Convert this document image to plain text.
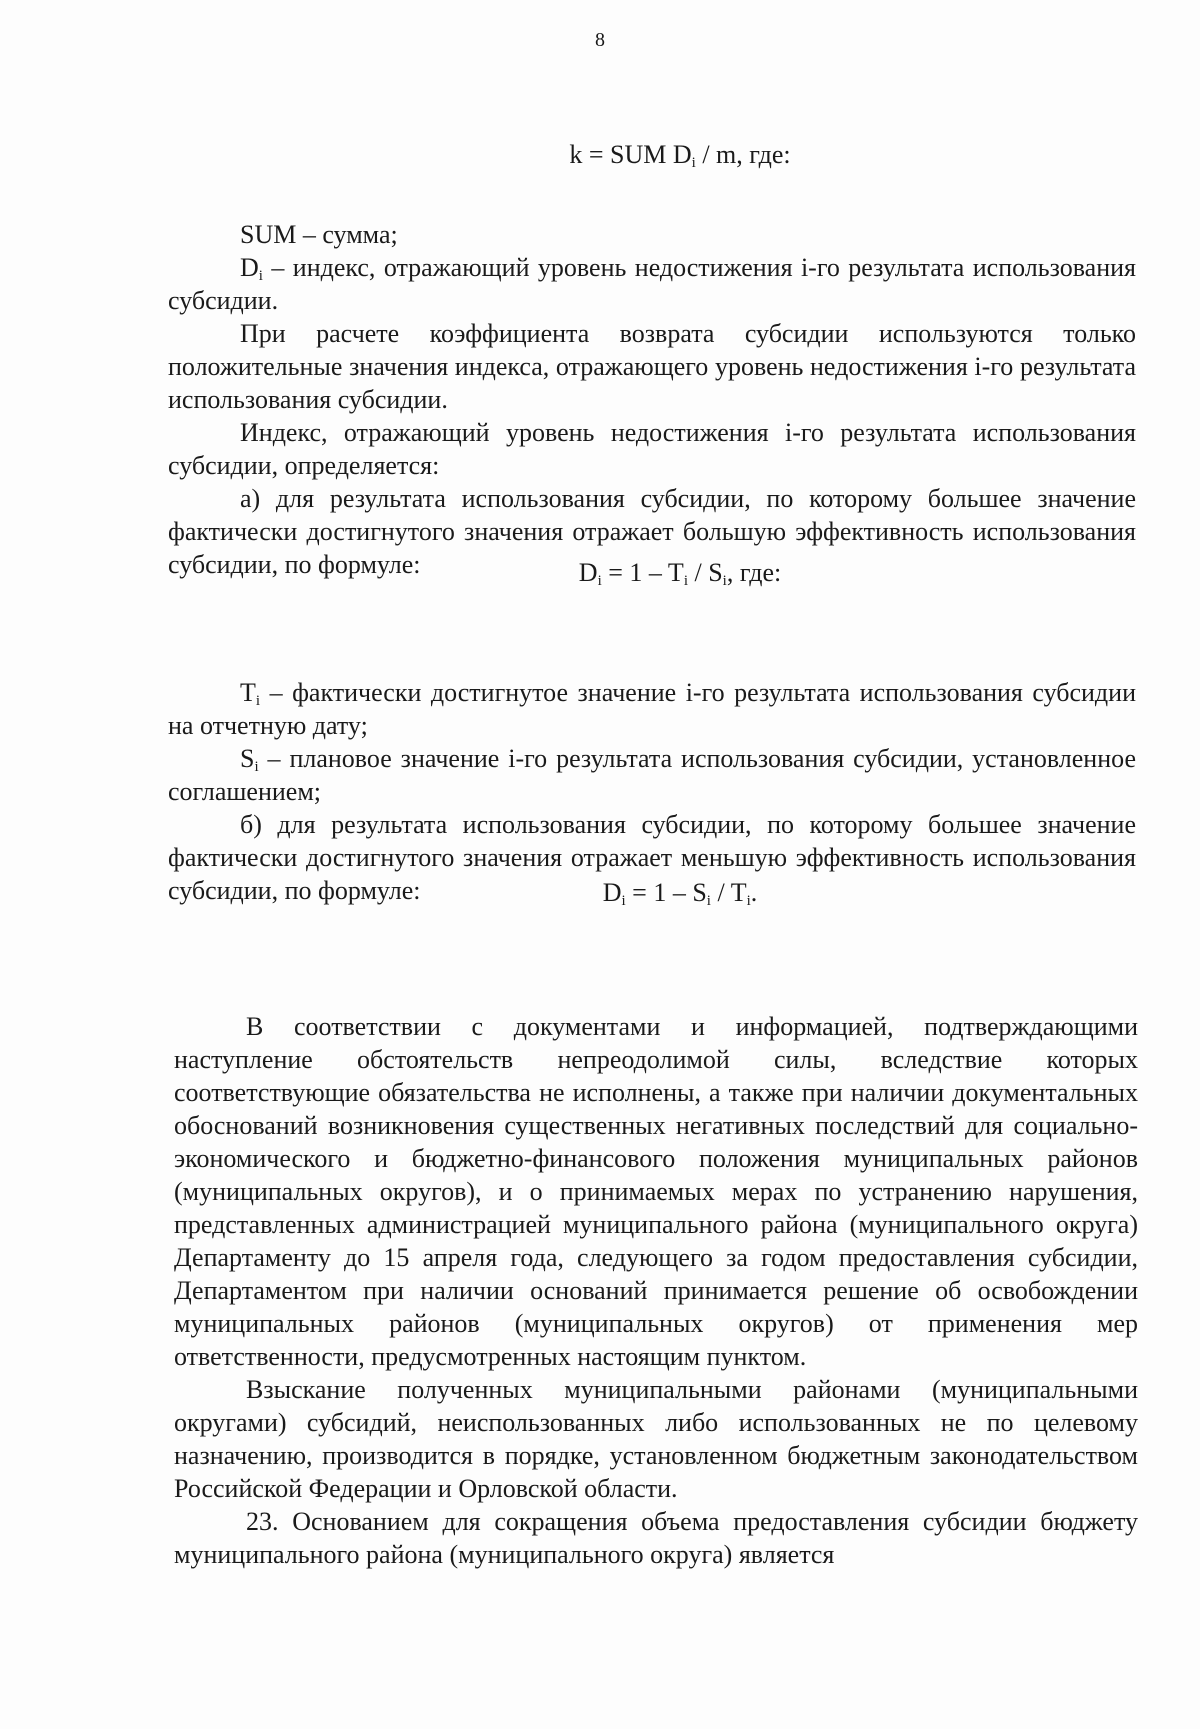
8
k = SUM $D_i$ / m, где:

SUM – сумма;

$D_i$ – индекс, отражающий уровень недостижения i-го результата использования субсидии.

При расчете коэффициента возврата субсидии используются только положительные значения индекса, отражающего уровень недостижения i-го результата использования субсидии.

Индекс, отражающий уровень недостижения i-го результата использования субсидии, определяется:

а) для результата использования субсидии, по которому большее значение фактически достигнутого значения отражает большую эффективность использования субсидии, по формуле:	$D_i = 1 - T_i / S_i$, где:

$T_i$ – фактически достигнутое значение i-го результата использования субсидии на отчетную дату;

$S_i$ – плановое значение i-го результата использования субсидии, установленное соглашением;

б) для результата использования субсидии, по которому большее значение фактически достигнутого значения отражает меньшую эффективность использования субсидии, по формуле:	$D_i = 1 - S_i / T_i$.

В соответствии с документами и информацией, подтверждающими наступление обстоятельств непреодолимой силы, вследствие которых соответствующие обязательства не исполнены, а также при наличии документальных обоснований возникновения существенных негативных последствий для социально-экономического и бюджетно-финансового положения муниципальных районов (муниципальных округов), и о принимаемых мерах по устранению нарушения, представленных администрацией муниципального района (муниципального округа) Департаменту до 15 апреля года, следующего за годом предоставления субсидии, Департаментом при наличии оснований принимается решение об освобождении муниципальных районов (муниципальных округов) от применения мер ответственности, предусмотренных настоящим пунктом.

Взыскание полученных муниципальными районами (муниципальными округами) субсидий, неиспользованных либо использованных не по целевому назначению, производится в порядке, установленном бюджетным законодательством Российской Федерации и Орловской области.

23. Основанием для сокращения объема предоставления субсидии бюджету муниципального района (муниципального округа) является
